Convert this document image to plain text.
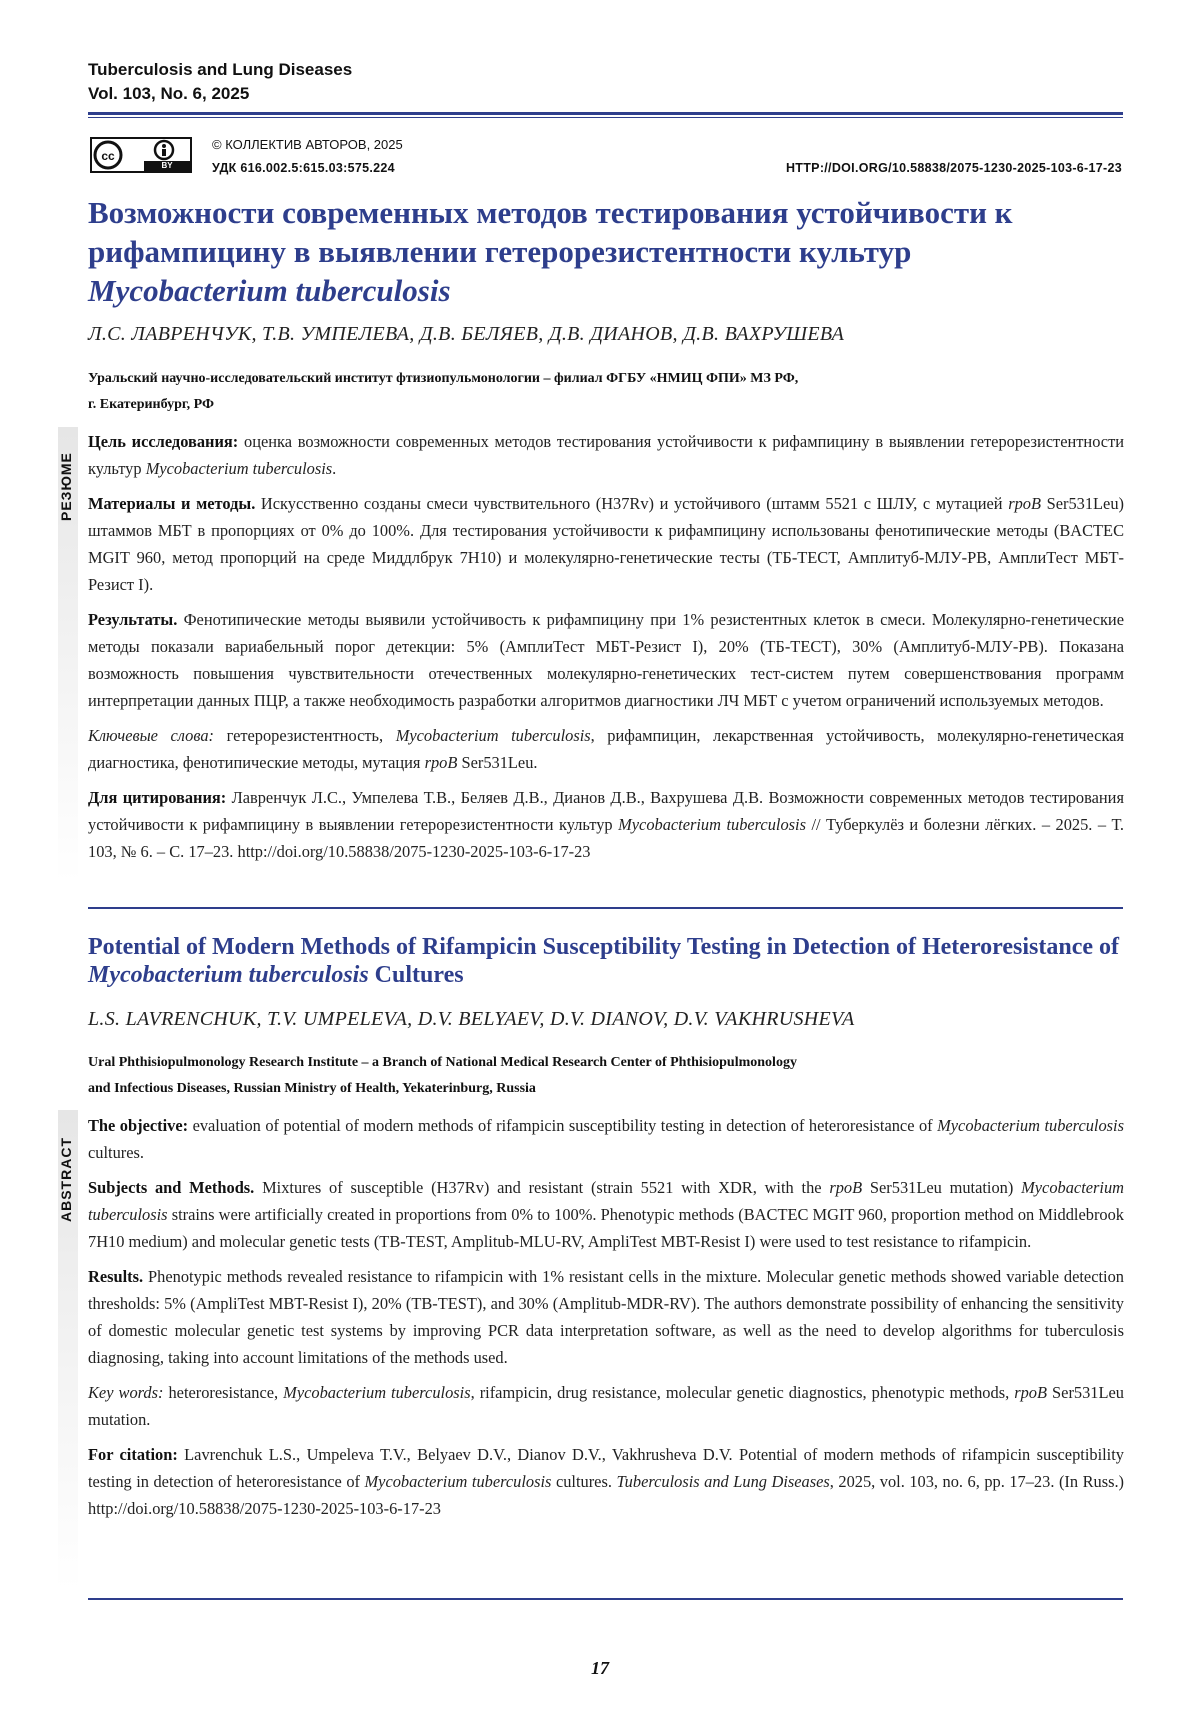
Tuberculosis and Lung Diseases
Vol. 103, No. 6, 2025
cc
BY
© КОЛЛЕКТИВ АВТОРОВ, 2025
УДК 616.002.5:615.03:575.224	HTTP://DOI.ORG/10.58838/2075-1230-2025-103-6-17-23
Возможности современных методов тестирования устойчивости к рифампицину в выявлении гетерорезистентности культур
Mycobacterium tuberculosis
Л.С. ЛАВРЕНЧУК, Т.В. УМПЕЛЕВА, Д.В. БЕЛЯЕВ, Д.В. ДИАНОВ, Д.В. ВАХРУШЕВА
Уральский научно-исследовательский институт фтизиопульмонологии – филиал ФГБУ «НМИЦ ФПИ» МЗ РФ,
г. Екатеринбург, РФ
РЕЗЮМЕ

Цель исследования: оценка возможности современных методов тестирования устойчивости к рифампицину в выявлении гетерорезистентности культур Mycobacterium tuberculosis.

Материалы и методы. Искусственно созданы смеси чувствительного (H37Rv) и устойчивого (штамм 5521 с ШЛУ, с мутацией rpoB Ser531Leu) штаммов МБТ в пропорциях от 0% до 100%. Для тестирования устойчивости к рифампицину использованы фенотипические методы (BACTEC MGIT 960, метод пропорций на среде Миддлбрук 7H10) и молекулярно-генетические тесты (ТБ-ТЕСТ, Амплитуб-МЛУ-РВ, АмплиТест МБТ-Резист I).

Результаты. Фенотипические методы выявили устойчивость к рифампицину при 1% резистентных клеток в смеси. Молекулярно-генетические методы показали вариабельный порог детекции: 5% (АмплиТест МБТ-Резист I), 20% (ТБ-ТЕСТ), 30% (Амплитуб-МЛУ-РВ). Показана возможность повышения чувствительности отечественных молекулярно-генетических тест-систем путем совершенствования программ интерпретации данных ПЦР, а также необходимость разработки алгоритмов диагностики ЛЧ МБТ с учетом ограничений используемых методов.

Ключевые слова: гетерорезистентность, Mycobacterium tuberculosis, рифампицин, лекарственная устойчивость, молекулярно-генетическая диагностика, фенотипические методы, мутация rpoB Ser531Leu.

Для цитирования: Лавренчук Л.С., Умпелева Т.В., Беляев Д.В., Дианов Д.В., Вахрушева Д.В. Возможности современных методов тестирования устойчивости к рифампицину в выявлении гетерорезистентности культур Mycobacterium tuberculosis // Туберкулёз и болезни лёгких. – 2025. – Т. 103, № 6. – С. 17–23. http://doi.org/10.58838/2075-1230-2025-103-6-17-23

Potential of Modern Methods of Rifampicin Susceptibility Testing in Detection of Heteroresistance of Mycobacterium tuberculosis Cultures
L.S. LAVRENCHUK, T.V. UMPELEVA, D.V. BELYAEV, D.V. DIANOV, D.V. VAKHRUSHEVA
Ural Phthisiopulmonology Research Institute – a Branch of National Medical Research Center of Phthisiopulmonology
and Infectious Diseases, Russian Ministry of Health, Yekaterinburg, Russia
ABSTRACT

The objective: evaluation of potential of modern methods of rifampicin susceptibility testing in detection of heteroresistance of Mycobacterium tuberculosis cultures.

Subjects and Methods. Mixtures of susceptible (H37Rv) and resistant (strain 5521 with XDR, with the rpoB Ser531Leu mutation) Mycobacterium tuberculosis strains were artificially created in proportions from 0% to 100%. Phenotypic methods (BACTEC MGIT 960, proportion method on Middlebrook 7H10 medium) and molecular genetic tests (TB-TEST, Amplitub-MLU-RV, AmpliTest MBT-Resist I) were used to test resistance to rifampicin.

Results. Phenotypic methods revealed resistance to rifampicin with 1% resistant cells in the mixture. Molecular genetic methods showed variable detection thresholds: 5% (AmpliTest MBT-Resist I), 20% (TB-TEST), and 30% (Amplitub-MDR-RV). The authors demonstrate possibility of enhancing the sensitivity of domestic molecular genetic test systems by improving PCR data interpretation software, as well as the need to develop algorithms for tuberculosis diagnosing, taking into account limitations of the methods used.

Key words: heteroresistance, Mycobacterium tuberculosis, rifampicin, drug resistance, molecular genetic diagnostics, phenotypic methods, rpoB Ser531Leu mutation.

For citation: Lavrenchuk L.S., Umpeleva T.V., Belyaev D.V., Dianov D.V., Vakhrusheva D.V. Potential of modern methods of rifampicin susceptibility testing in detection of heteroresistance of Mycobacterium tuberculosis cultures. Tuberculosis and Lung Diseases, 2025, vol. 103, no. 6, pp. 17–23. (In Russ.) http://doi.org/10.58838/2075-1230-2025-103-6-17-23

17
